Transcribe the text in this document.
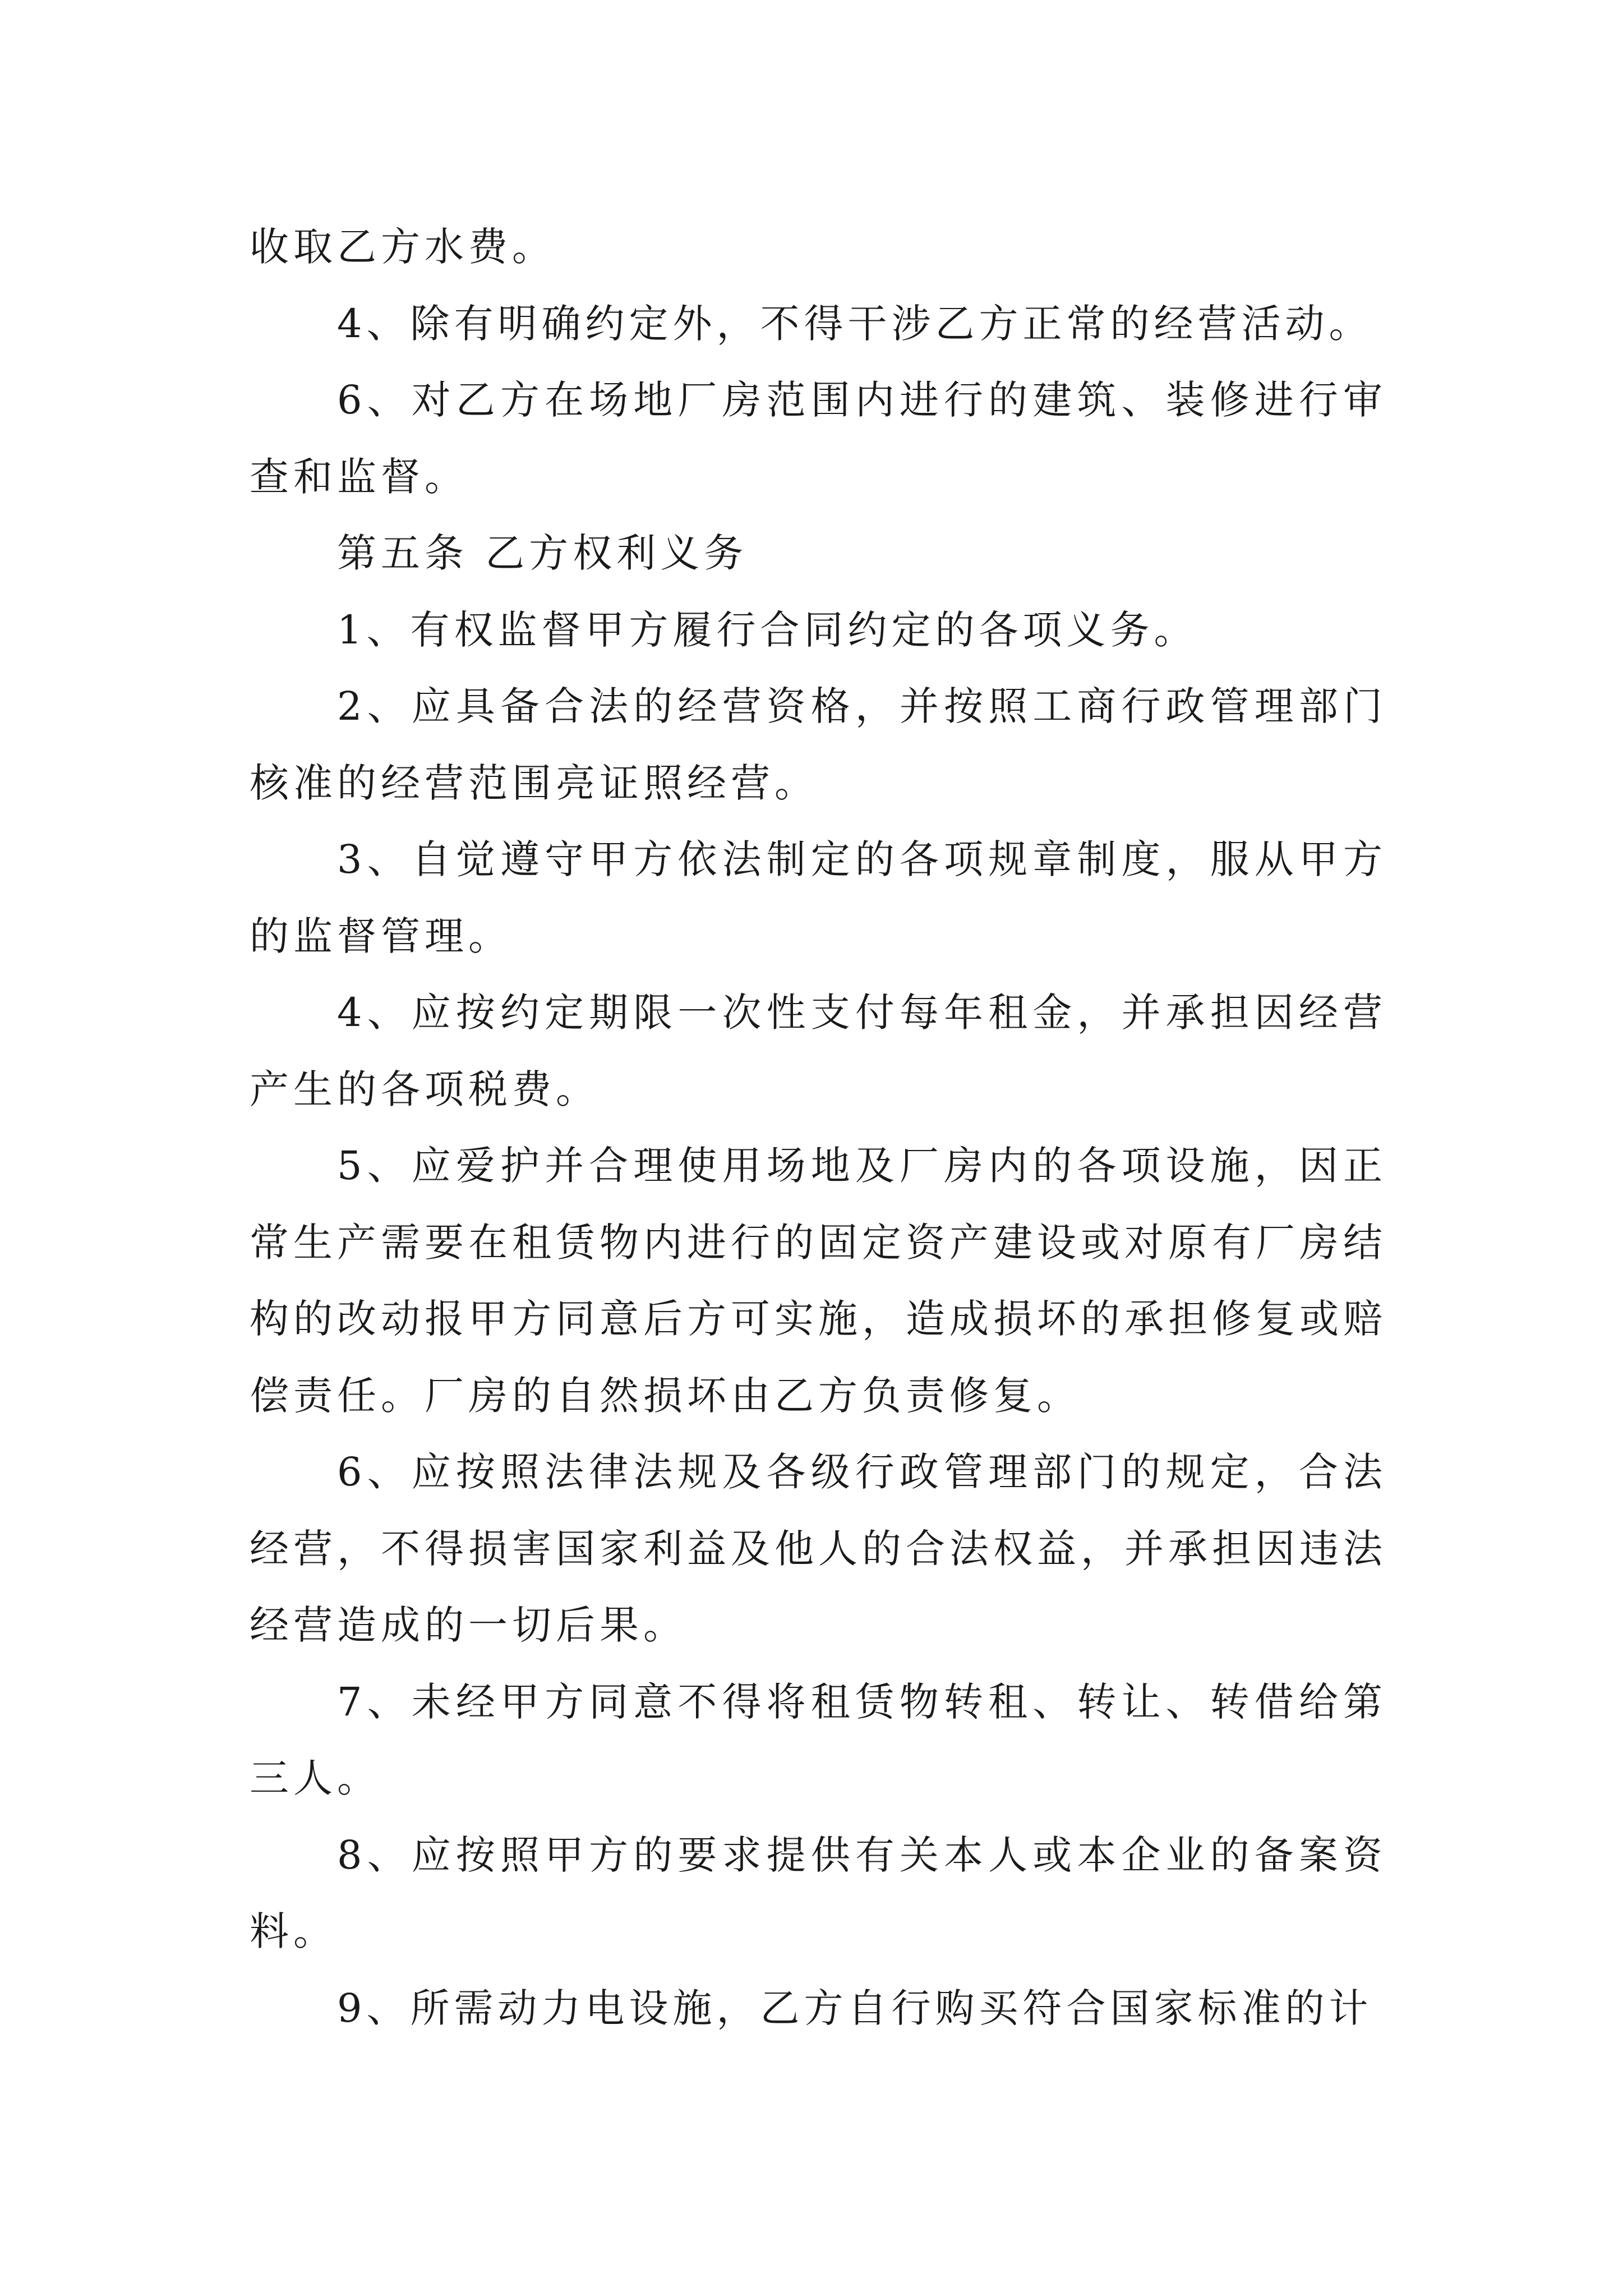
收取乙方水费。

4、除有明确约定外，不得干涉乙方正常的经营活动。

6、对乙方在场地厂房范围内进行的建筑、装修进行审查和监督。

第五条 乙方权利义务

1、有权监督甲方履行合同约定的各项义务。

2、应具备合法的经营资格，并按照工商行政管理部门核准的经营范围亮证照经营。

3、自觉遵守甲方依法制定的各项规章制度，服从甲方的监督管理。

4、应按约定期限一次性支付每年租金，并承担因经营产生的各项税费。

5、应爱护并合理使用场地及厂房内的各项设施，因正常生产需要在租赁物内进行的固定资产建设或对原有厂房结构的改动报甲方同意后方可实施，造成损坏的承担修复或赔偿责任。厂房的自然损坏由乙方负责修复。

6、应按照法律法规及各级行政管理部门的规定，合法经营，不得损害国家利益及他人的合法权益，并承担因违法经营造成的一切后果。

7、未经甲方同意不得将租赁物转租、转让、转借给第三人。

8、应按照甲方的要求提供有关本人或本企业的备案资料。

9、所需动力电设施，乙方自行购买符合国家标准的计
